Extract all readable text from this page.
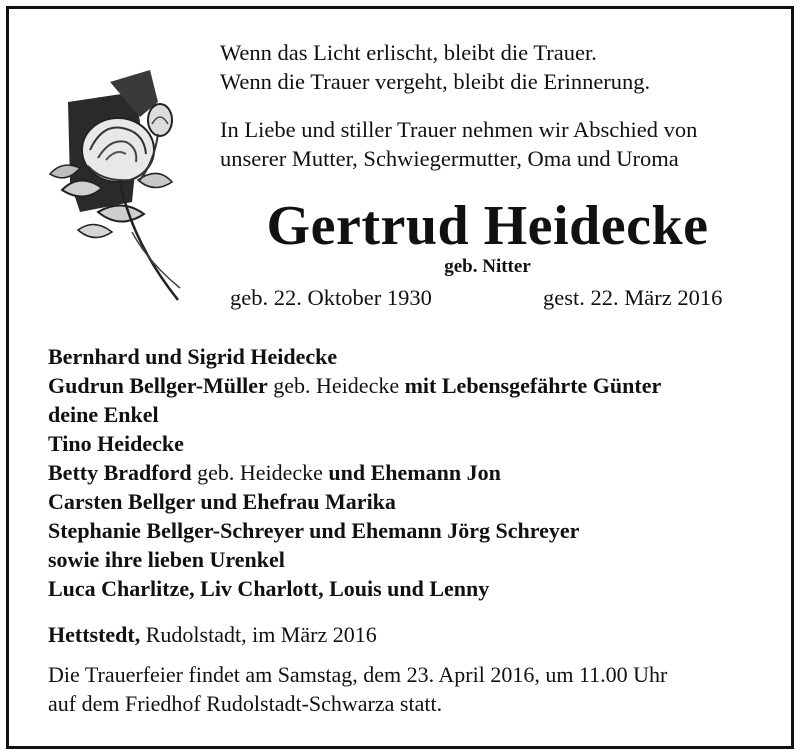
Wenn das Licht erlischt, bleibt die Trauer.
Wenn die Trauer vergeht, bleibt die Erinnerung.
In Liebe und stiller Trauer nehmen wir Abschied von
unserer Mutter, Schwiegermutter, Oma und Uroma
Gertrud Heidecke
geb. Nitter
geb. 22. Oktober 1930	gest. 22. März 2016
Bernhard und Sigrid Heidecke
Gudrun Bellger-Müller geb. Heidecke mit Lebensgefährte Günter
deine Enkel
Tino Heidecke
Betty Bradford geb. Heidecke und Ehemann Jon
Carsten Bellger und Ehefrau Marika
Stephanie Bellger-Schreyer und Ehemann Jörg Schreyer
sowie ihre lieben Urenkel
Luca Charlitze, Liv Charlott, Louis und Lenny
Hettstedt, Rudolstadt, im März 2016
Die Trauerfeier findet am Samstag, dem 23. April 2016, um 11.00 Uhr
auf dem Friedhof Rudolstadt-Schwarza statt.
